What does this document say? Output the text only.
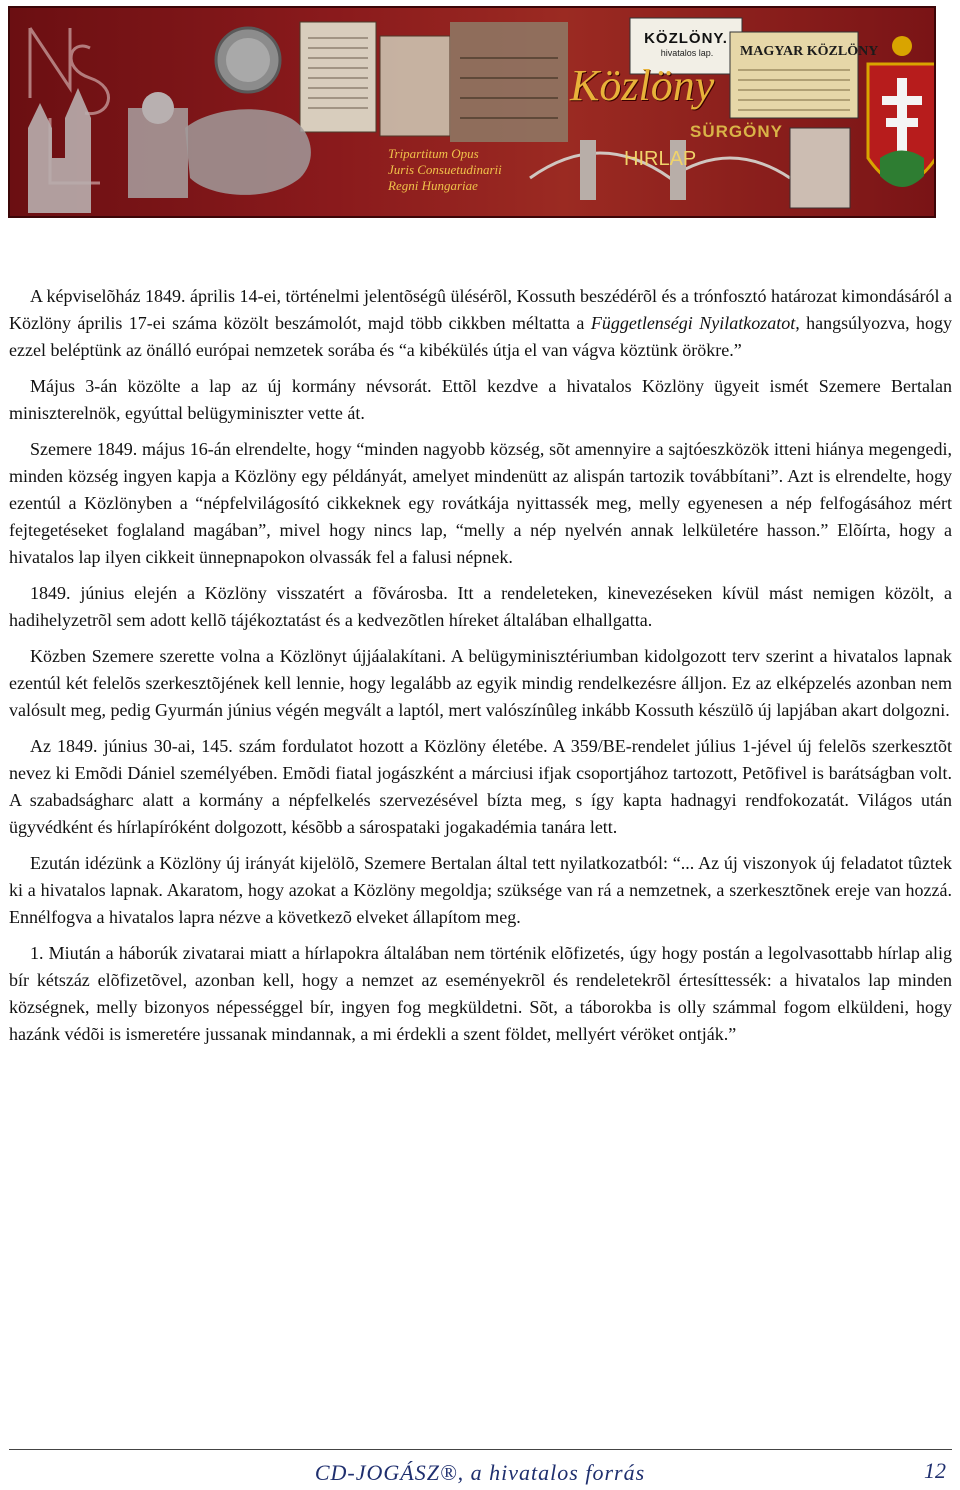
Közlöny
Tripartitum Opus
Juris Consuetudinarii
Regni Hungariae
KÖZLÖNY.
hivatalos lap.	MAGYAR KÖZLÖNY
SÜRGÖNY
HIRLAP

A képviselõház 1849. április 14-ei, történelmi jelentõségû ülésérõl, Kossuth beszédérõl és a trónfosztó határozat kimondásáról a Közlöny április 17-ei száma közölt beszámolót, majd több cikkben méltatta a Függetlenségi Nyilatkozatot, hangsúlyozva, hogy ezzel beléptünk az önálló európai nemzetek sorába és “a kibékülés útja el van vágva köztünk örökre.”

Május 3-án közölte a lap az új kormány névsorát. Ettõl kezdve a hivatalos Közlöny ügyeit ismét Szemere Bertalan miniszterelnök, egyúttal belügyminiszter vette át.

Szemere 1849. május 16-án elrendelte, hogy “minden nagyobb község, sõt amennyire a sajtóeszközök itteni hiánya megengedi, minden község ingyen kapja a Közlöny egy példányát, amelyet mindenütt az alispán tartozik továbbítani”. Azt is elrendelte, hogy ezentúl a Közlönyben a “népfelvilágosító cikkeknek egy rovátkája nyittassék meg, melly egyenesen a nép felfogásához mért fejtegetéseket foglaland magában”, mivel hogy nincs lap, “melly a nép nyelvén annak lelkületére hasson.” Elõírta, hogy a hivatalos lap ilyen cikkeit ünnepnapokon olvassák fel a falusi népnek.

1849. június elején a Közlöny visszatért a fõvárosba. Itt a rendeleteken, kinevezéseken kívül mást nemigen közölt, a hadihelyzetrõl sem adott kellõ tájékoztatást és a kedvezõtlen híreket általában elhallgatta.

Közben Szemere szerette volna a Közlönyt újjáalakítani. A belügyminisztériumban kidolgozott terv szerint a hivatalos lapnak ezentúl két felelõs szerkesztõjének kell lennie, hogy legalább az egyik mindig rendelkezésre álljon. Ez az elképzelés azonban nem valósult meg, pedig Gyurmán június végén megvált a laptól, mert valószínûleg inkább Kossuth készülõ új lapjában akart dolgozni.

Az 1849. június 30-ai, 145. szám fordulatot hozott a Közlöny életébe. A 359/BE-rendelet július 1-jével új felelõs szerkesztõt nevez ki Emõdi Dániel személyében. Emõdi fiatal jogászként a márciusi ifjak csoportjához tartozott, Petõfivel is barátságban volt. A szabadságharc alatt a kormány a népfelkelés szervezésével bízta meg, s így kapta hadnagyi rendfokozatát. Világos után ügyvédként és hírlapíróként dolgozott, késõbb a sárospataki jogakadémia tanára lett.

Ezután idézünk a Közlöny új irányát kijelölõ, Szemere Bertalan által tett nyilatkozatból: “... Az új viszonyok új feladatot tûztek ki a hivatalos lapnak. Akaratom, hogy azokat a Közlöny megoldja; szüksége van rá a nemzetnek, a szerkesztõnek ereje van hozzá. Ennélfogva a hivatalos lapra nézve a következõ elveket állapítom meg.

1. Miután a háborúk zivatarai miatt a hírlapokra általában nem történik elõfizetés, úgy hogy postán a legolvasottabb hírlap alig bír kétszáz elõfizetõvel, azonban kell, hogy a nemzet az eseményekrõl és rendeletekrõl értesíttessék: a hivatalos lap minden községnek, melly bizonyos népességgel bír, ingyen fog megküldetni. Sõt, a táborokba is olly számmal fogom elküldeni, hogy hazánk védõi is ismeretére jussanak mindannak, a mi érdekli a szent földet, mellyért véröket ontják.”

CD-JOGÁSZ®, a hivatalos forrás	12
